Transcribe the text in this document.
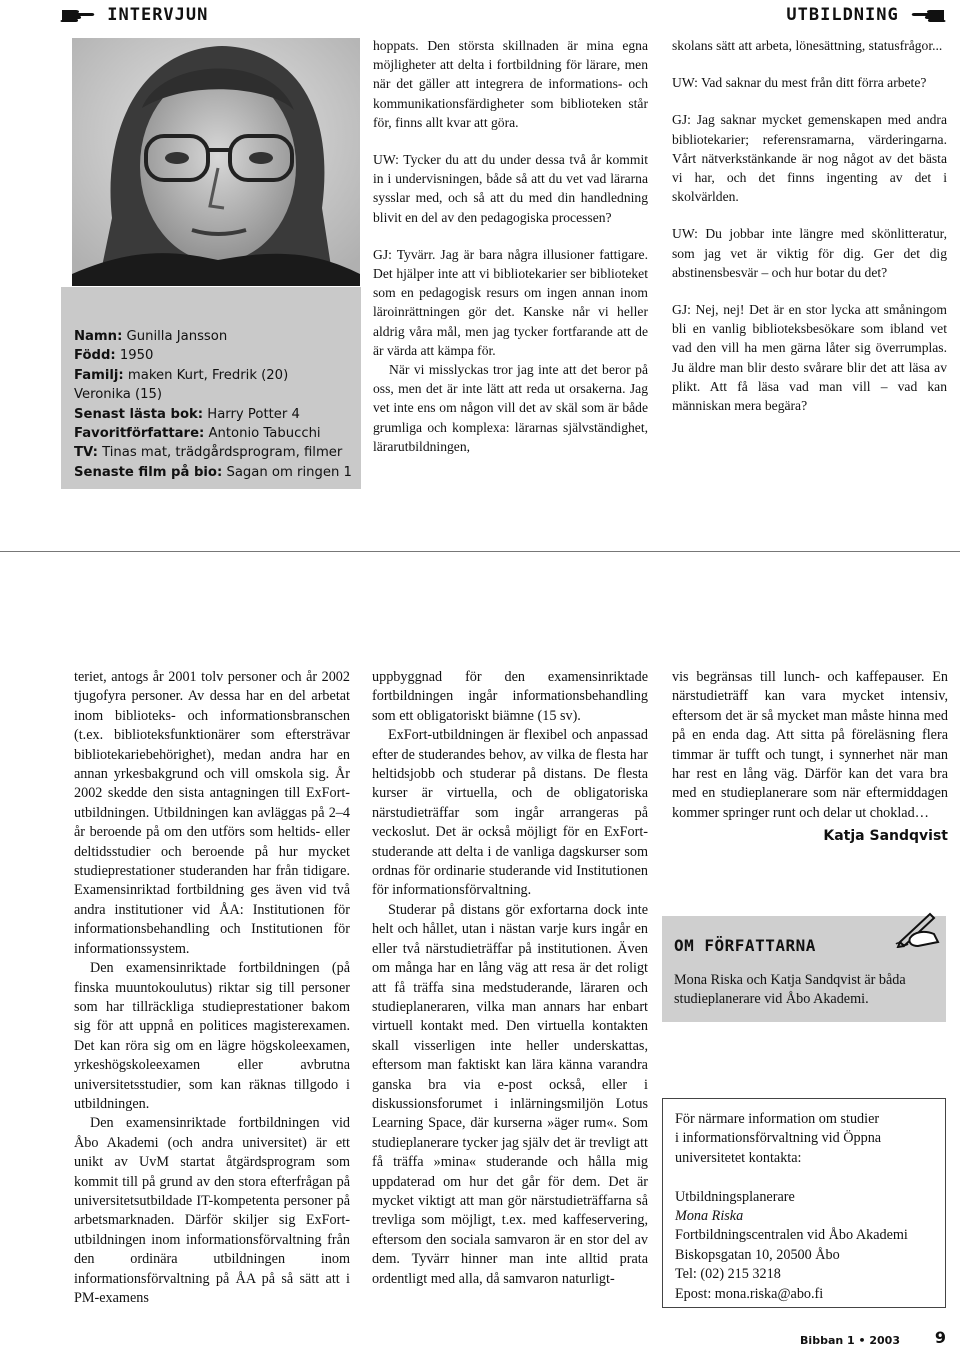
INTERVJUN	UTBILDNING
Namn: Gunilla Jansson
Född: 1950
Familj: maken Kurt, Fredrik (20)
Veronika (15)
Senast lästa bok: Harry Potter 4
Favoritförfattare: Antonio Tabucchi
TV: Tinas mat, trädgårdsprogram, filmer
Senaste film på bio: Sagan om ringen 1

hoppats. Den största skillnaden är mina egna möjligheter att delta i fortbildning för lärare, men när det gäller att integrera de informations- och kommunikationsfärdigheter som biblioteken står för, finns allt kvar att göra.

UW: Tycker du att du under dessa två år kommit in i undervisningen, både så att du vet vad lärarna sysslar med, och så att du med din handledning blivit en del av den pedagogiska processen?

GJ: Tyvärr. Jag är bara några illusioner fattigare. Det hjälper inte att vi bibliotekarier ser biblioteket som en pedagogisk resurs om ingen annan inom läroinrättningen gör det. Kanske når vi heller aldrig våra mål, men jag tycker fortfarande att de är värda att kämpa för.

När vi misslyckas tror jag inte att det beror på oss, men det är inte lätt att reda ut orsakerna. Jag vet inte ens om någon vill det av skäl som är både grumliga och komplexa: lärarnas självständighet, lärarutbildningen,

skolans sätt att arbeta, lönesättning, statusfrågor...

UW: Vad saknar du mest från ditt förra arbete?

GJ: Jag saknar mycket gemenskapen med andra bibliotekarier; referensramarna, värderingarna. Vårt nätverkstänkande är nog något av det bästa vi har, och det finns ingenting av det i skolvärlden.

UW: Du jobbar inte längre med skönlitteratur, som jag vet är viktig för dig. Ger det dig abstinensbesvär – och hur botar du det?

GJ: Nej, nej! Det är en stor lycka att småningom bli en vanlig biblioteksbesökare som ibland vet vad den vill ha men gärna låter sig överrumplas. Ju äldre man blir desto svårare blir det att läsa av plikt. Att få läsa vad man vill – vad kan människan mera begära?

teriet, antogs år 2001 tolv personer och år 2002 tjugofyra personer. Av dessa har en del arbetat inom biblioteks- och informationsbranschen (t.ex. biblioteksfunktionärer som eftersträvar bibliotekariebehörighet), medan andra har en annan yrkesbakgrund och vill omskola sig. År 2002 skedde den sista antagningen till ExFort-utbildningen. Utbildningen kan avläggas på 2–4 år beroende på om den utförs som heltids- eller deltidsstudier och beroende på hur mycket studieprestationer studeranden har från tidigare. Examensinriktad fortbildning ges även vid två andra institutioner vid ÅA: Institutionen för informationsbehandling och Institutionen för informationssystem.

Den examensinriktade fortbildningen (på finska muuntokoulutus) riktar sig till personer som har tillräckliga studieprestationer bakom sig för att uppnå en politices magisterexamen. Det kan röra sig om en lägre högskoleexamen, yrkeshögskoleexamen eller avbrutna universitetsstudier, som kan räknas tillgodo i utbildningen.

Den examensinriktade fortbildningen vid Åbo Akademi (och andra universitet) är ett unikt av UvM startat åtgärdsprogram som kommit till på grund av den stora efterfrågan på universitetsutbildade IT-kompetenta personer på arbetsmarknaden. Därför skiljer sig ExFort-utbildningen inom informationsförvaltning från den ordinära utbildningen inom informationsförvaltning på ÅA på så sätt att i PM-examens

uppbyggnad för den examensinriktade fortbildningen ingår informationsbehandling som ett obligatoriskt biämne (15 sv).

ExFort-utbildningen är flexibel och anpassad efter de studerandes behov, av vilka de flesta har heltidsjobb och studerar på distans. De flesta kurser är virtuella, och de obligatoriska närstudieträffar som ingår arrangeras på veckoslut. Det är också möjligt för en ExFort-studerande att delta i de vanliga dagskurser som ordnas för ordinarie studerande vid Institutionen för informationsförvaltning.

Studerar på distans gör exfortarna dock inte helt och hållet, utan i nästan varje kurs ingår en eller två närstudieträffar på institutionen. Även om många har en lång väg att resa är det roligt att få träffa sina medstuderande, läraren och studieplaneraren, vilka man annars har enbart virtuell kontakt med. Den virtuella kontakten skall visserligen inte heller underskattas, eftersom man faktiskt kan lära känna varandra ganska bra via e-post också, eller i diskussionsforumet i inlärningsmiljön Lotus Learning Space, där kurserna »äger rum«. Som studieplanerare tycker jag själv det är trevligt att få träffa »mina« studerande och hålla mig uppdaterad om hur det går för dem. Det är mycket viktigt att man gör närstudieträffarna så trevliga som möjligt, t.ex. med kaffeservering, eftersom den sociala samvaron är en stor del av dem. Tyvärr hinner man inte alltid prata ordentligt med alla, då samvaron naturligt-

vis begränsas till lunch- och kaffepauser. En närstudieträff kan vara mycket intensiv, eftersom det är så mycket man måste hinna med på en enda dag. Att sitta på föreläsning flera timmar är tufft och tungt, i synnerhet när man har rest en lång väg. Därför kan det vara bra med en studieplanerare som när eftermiddagen kommer springer runt och delar ut choklad…

Katja Sandqvist
OM FÖRFATTARNA
Mona Riska och Katja Sandqvist är båda studieplanerare vid Åbo Akademi.

För närmare information om studier

i informationsförvaltning vid Öppna

universitetet kontakta:

Utbildningsplanerare

Mona Riska

Fortbildningscentralen vid Åbo Akademi

Biskopsgatan 10, 20500 Åbo

Tel: (02) 215 3218

Epost: mona.riska@abo.fi

Bibban 1 • 2003 9
